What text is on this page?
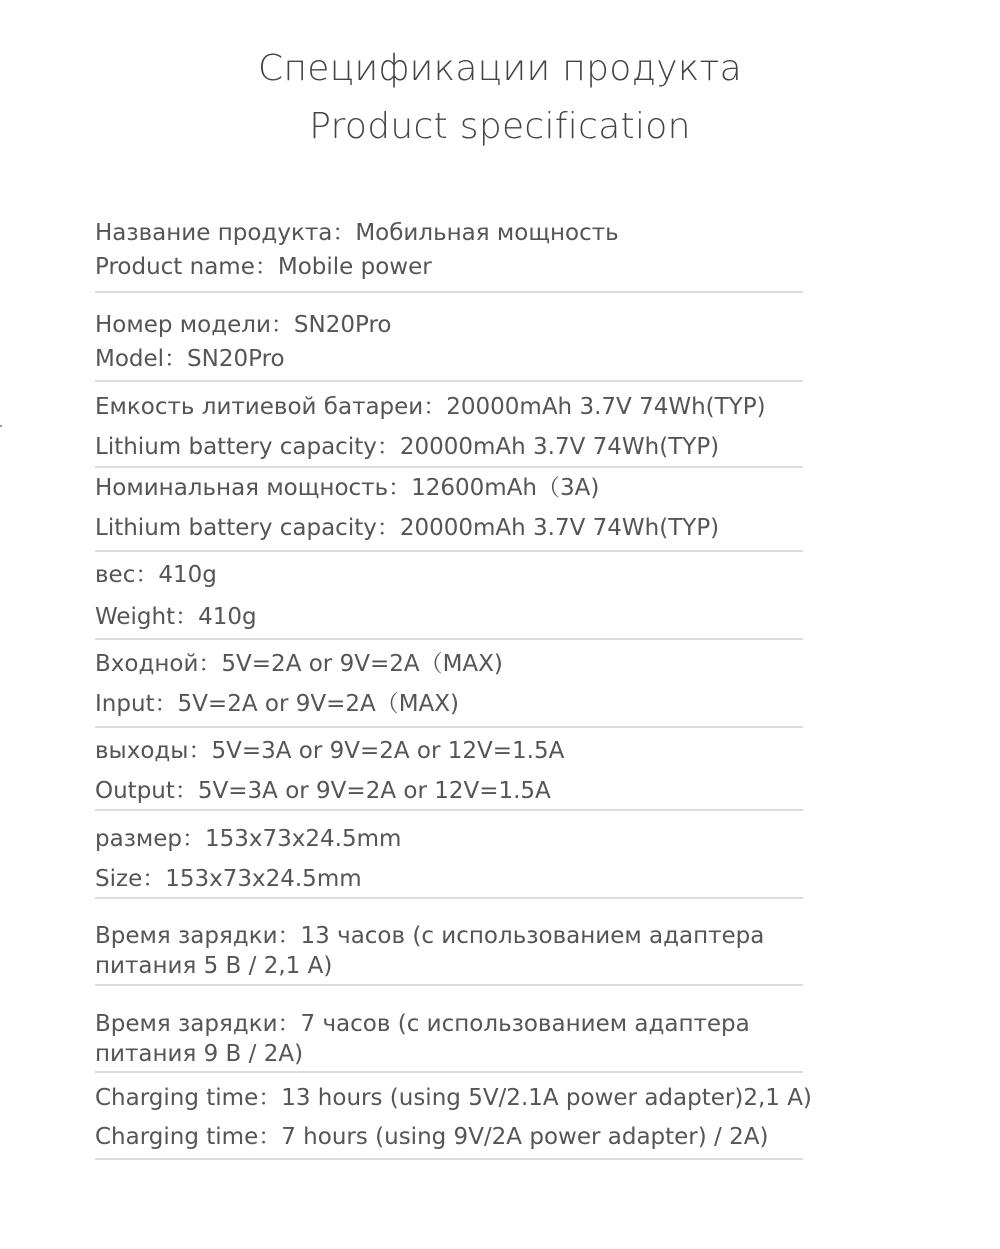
Спецификации продукта
Product specification
Название продукта：Мобильная мощность
Product name：Mobile power
Номер модели：SN20Pro
Model：SN20Pro
Емкость литиевой батареи：20000mAh 3.7V 74Wh(TYP)
Lithium battery capacity：20000mAh 3.7V 74Wh(TYP)
Номинальная мощность：12600mAh（3A)
Lithium battery capacity：20000mAh 3.7V 74Wh(TYP)
вес：410g
Weight：410g
Входной：5V=2A or 9V=2A（MAX)
Input：5V=2A or 9V=2A（MAX)
выходы：5V=3A or 9V=2A or 12V=1.5A
Output：5V=3A or 9V=2A or 12V=1.5A
размер：153x73x24.5mm
Size：153x73x24.5mm
Время зарядки：13 часов (с использованием адаптера
питания 5 В / 2,1 А)
Время зарядки：7 часов (с использованием адаптера
питания 9 В / 2А)
Charging time：13 hours (using 5V/2.1A power adapter)2,1 А)
Charging time：7 hours (using 9V/2A power adapter) / 2А)
